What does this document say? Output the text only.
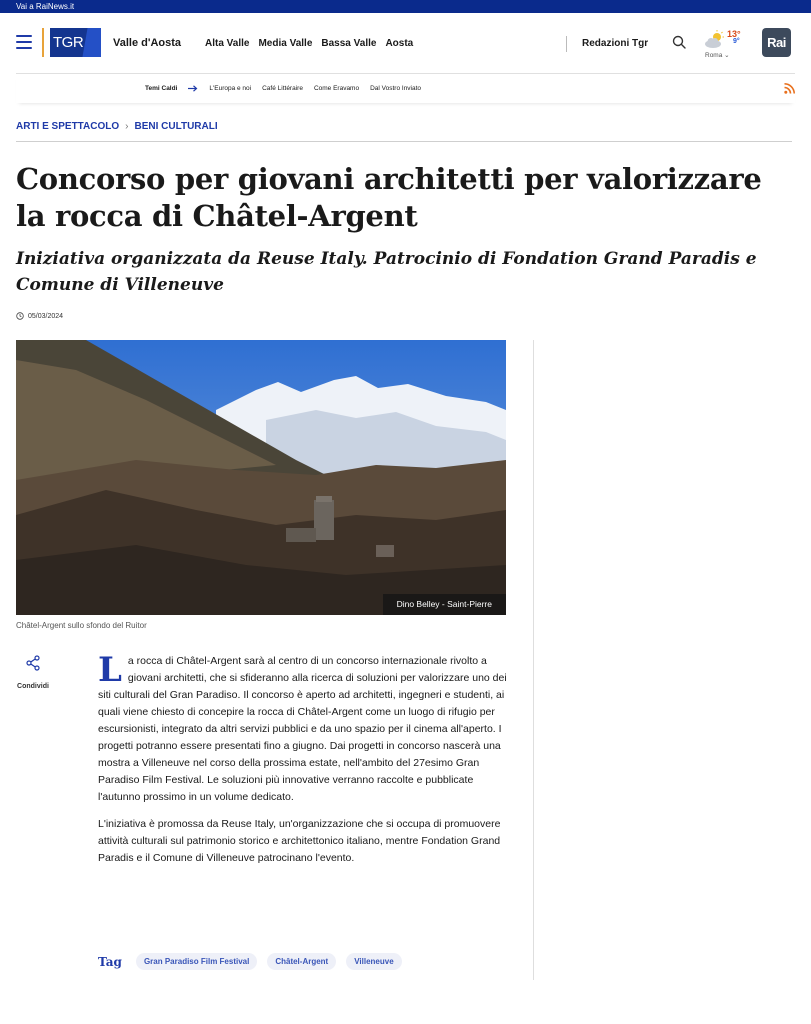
Vai a RaiNews.it
TGR	Valle d'Aosta Alta Valle Media Valle Bassa Valle Aosta	Redazioni Tgr
13°
9°
Roma ⌄
Rai
Temi Caldi	L'Europa e noi Café Littéraire Come Eravamo Dal Vostro Inviato
ARTI E SPETTACOLO › BENI CULTURALI
Concorso per giovani architetti per valorizzare la rocca di Châtel-Argent
Iniziativa organizzata da Reuse Italy. Patrocinio di Fondation Grand Paradis e Comune di Villeneuve
05/03/2024
Dino Belley - Saint-Pierre
Châtel-Argent sullo sfondo del Ruitor
Condividi La rocca di Châtel-Argent sarà al centro di un concorso internazionale rivolto a giovani architetti, che si sfideranno alla ricerca di soluzioni per valorizzare uno dei siti culturali del Gran Paradiso. Il concorso è aperto ad architetti, ingegneri e studenti, ai quali viene chiesto di concepire la rocca di Châtel-Argent come un luogo di rifugio per escursionisti, integrato da altri servizi pubblici e da uno spazio per il cinema all'aperto. I progetti potranno essere presentati fino a giugno. Dai progetti in concorso nascerà una mostra a Villeneuve nel corso della prossima estate, nell'ambito del 27esimo Gran Paradiso Film Festival. Le soluzioni più innovative verranno raccolte e pubblicate l'autunno prossimo in un volume dedicato.

L'iniziativa è promossa da Reuse Italy, un'organizzazione che si occupa di promuovere attività culturali sul patrimonio storico e architettonico italiano, mentre Fondation Grand Paradis e il Comune di Villeneuve patrocinano l'evento.

Tag	Gran Paradiso Film Festival	Châtel-Argent	Villeneuve
